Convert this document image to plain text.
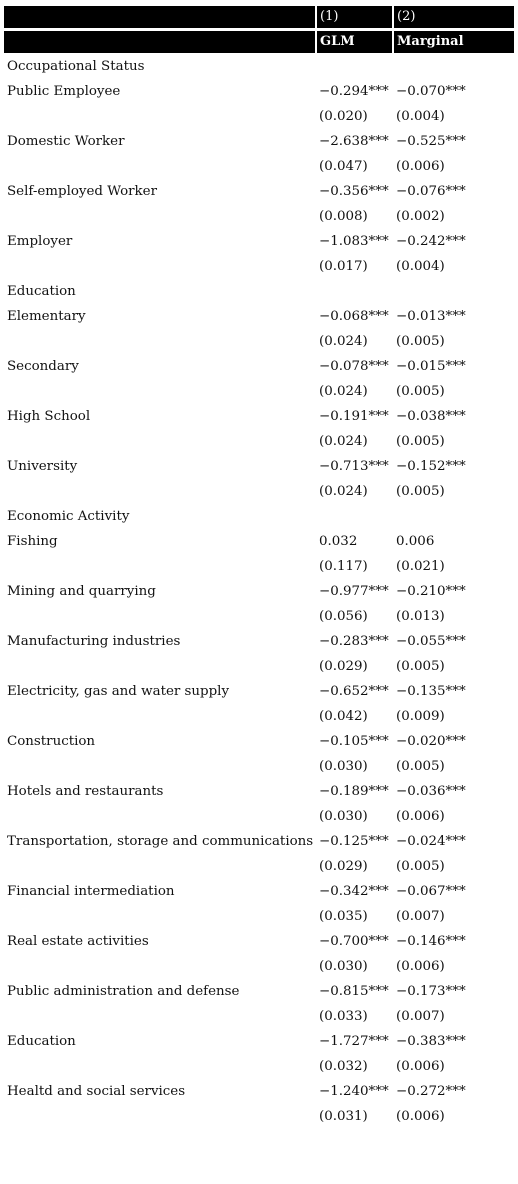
(1)	(2)
GLM	Marginal Effects
Occupational Status
Public Employee	−0.294*** −0.070***
(0.020) (0.004)
Domestic Worker	−2.638*** −0.525***
(0.047) (0.006)
Self-employed Worker	−0.356*** −0.076***
(0.008) (0.002)
Employer	−1.083*** −0.242***
(0.017) (0.004)
Education
Elementary	−0.068*** −0.013***
(0.024) (0.005)
Secondary	−0.078*** −0.015***
(0.024) (0.005)
High School	−0.191*** −0.038***
(0.024) (0.005)
University	−0.713*** −0.152***
(0.024) (0.005)
Economic Activity
Fishing	0.032	0.006
(0.117) (0.021)
Mining and quarrying	−0.977*** −0.210***
(0.056) (0.013)
Manufacturing industries	−0.283*** −0.055***
(0.029) (0.005)
Electricity, gas and water supply	−0.652*** −0.135***
(0.042) (0.009)
Construction	−0.105*** −0.020***
(0.030) (0.005)
Hotels and restaurants	−0.189*** −0.036***
(0.030) (0.006)
Transportation, storage and communications −0.125*** −0.024***
(0.029) (0.005)
Financial intermediation	−0.342*** −0.067***
(0.035) (0.007)
Real estate activities	−0.700*** −0.146***
(0.030) (0.006)
Public administration and defense	−0.815*** −0.173***
(0.033) (0.007)
Education	−1.727*** −0.383***
(0.032) (0.006)
Healtd and social services	−1.240*** −0.272***
(0.031) (0.006)
